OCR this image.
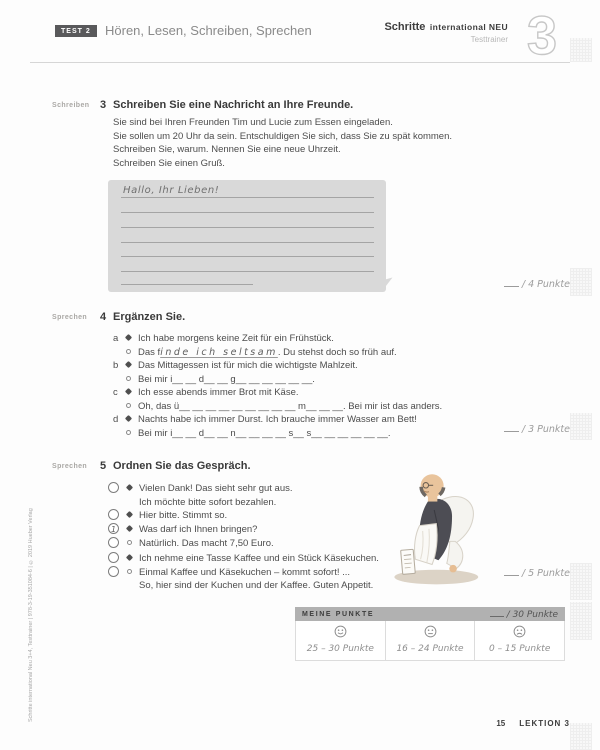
TEST 2	Hören, Lesen, Schreiben, Sprechen	Schritte international NEU
Testtrainer 3
Schreiben 3 Schreiben Sie eine Nachricht an Ihre Freunde.
Sie sind bei Ihren Freunden Tim und Lucie zum Essen eingeladen.
Sie sollen um 20 Uhr da sein. Entschuldigen Sie sich, dass Sie zu spät kommen.
Schreiben Sie, warum. Nennen Sie eine neue Uhrzeit.
Schreiben Sie einen Gruß.
Hallo, Ihr Lieben!
/ 4 Punkte
Sprechen 4 Ergänzen Sie.
a	Ich habe morgens keine Zeit für ein Frühstück.
Das finde ich seltsam. Du stehst doch so früh auf.
b	Das Mittagessen ist für mich die wichtigste Mahlzeit.
Bei mir i__ __ d__ __ g__ __ __ __ __ __.
c	Ich esse abends immer Brot mit Käse.
Oh, das ü__ __ __ __ __ __ __ __ __ m__ __ __. Bei mir ist das anders.
d	Nachts habe ich immer Durst. Ich brauche immer Wasser am Bett!
Bei mir i__ __ d__ __ n__ __ __ __ s__ s__ __ __ __ __ __.	/ 3 Punkte
Sprechen 5 Ordnen Sie das Gespräch.
Vielen Dank! Das sieht sehr gut aus.
Ich möchte bitte sofort bezahlen.
Hier bitte. Stimmt so.
1	Was darf ich Ihnen bringen?
Natürlich. Das macht 7,50 Euro.
Ich nehme eine Tasse Kaffee und ein Stück Käsekuchen.
Einmal Kaffee und Käsekuchen – kommt sofort! ...
So, hier sind der Kuchen und der Kaffee. Guten Appetit.
/ 5 Punkte
MEINE PUNKTE	/ 30 Punkte
25 – 30 Punkte	16 – 24 Punkte	0 – 15 Punkte
15 LEKTION 3
Schritte international Neu 3+4, Testtrainer | 978-3-19-351084-6 | © 2019 Hueber Verlag
